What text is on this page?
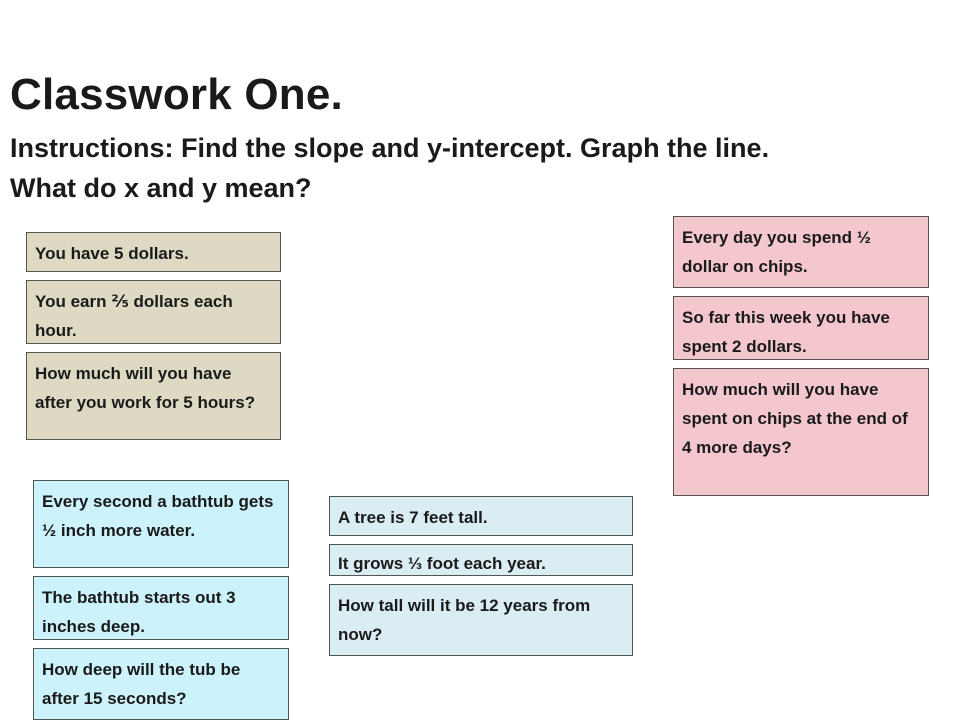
Classwork One.

Instructions: Find the slope and y-intercept. Graph the line. What do x and y mean?

You have 5 dollars.
You earn ⅖ dollars each hour.
How much will you have after you work for 5 hours?
Every day you spend ½ dollar on chips.
So far this week you have spent 2 dollars.
How much will you have spent on chips at the end of 4 more days?
Every second a bathtub gets ½ inch more water.
The bathtub starts out 3 inches deep.
How deep will the tub be after 15 seconds?
A tree is 7 feet tall.
It grows ⅓ foot each year.
How tall will it be 12 years from now?
